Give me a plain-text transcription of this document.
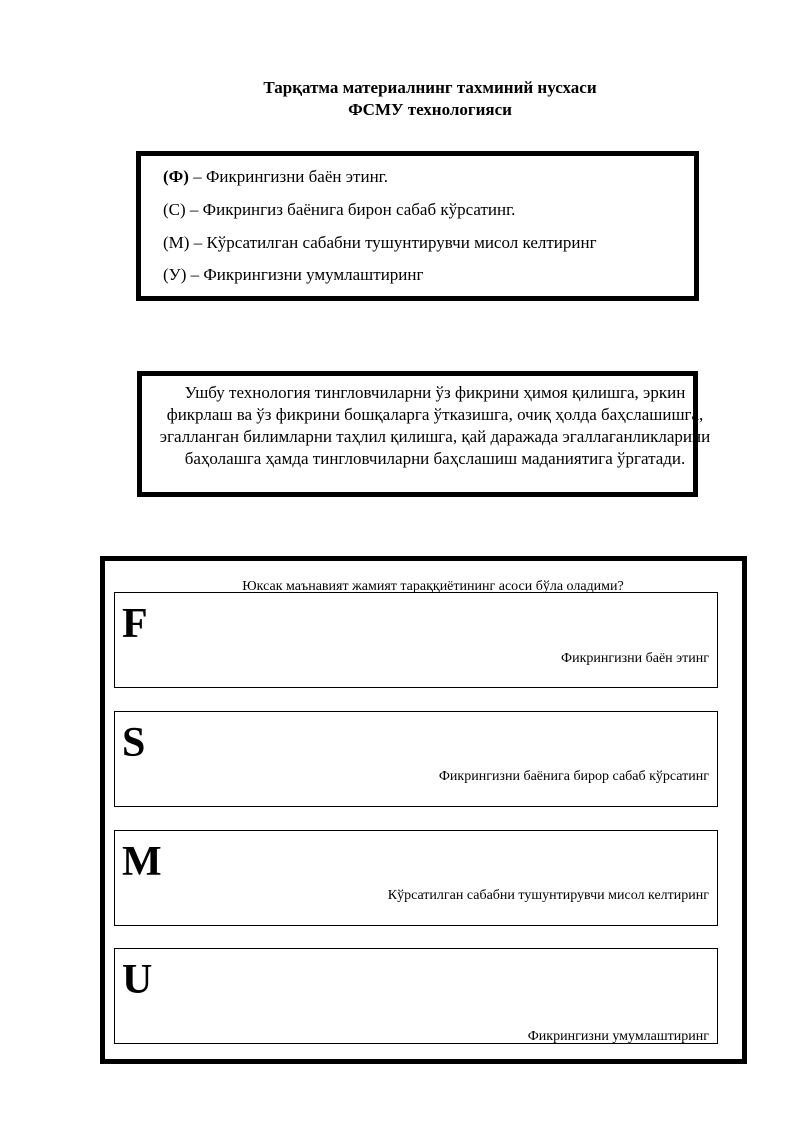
Тарқатма материалнинг тахминий нусхаси
ФСМУ технологияси
(Ф) – Фикрингизни баён этинг.
(С) – Фикрингиз баёнига бирон сабаб кўрсатинг.
(М) – Кўрсатилган сабабни тушунтирувчи мисол келтиринг
(У) – Фикрингизни умумлаштиринг
Ушбу технология тингловчиларни ўз фикрини ҳимоя қилишга, эркин фикрлаш ва ўз фикрини бошқаларга ўтказишга, очиқ ҳолда баҳслашишга, эгалланган билимларни таҳлил қилишга, қай даражада эгаллаганликларини баҳолашга ҳамда тингловчиларни баҳслашиш маданиятига ўргатади.
Юксак маънавият жамият тараққиётининг асоси бўла оладими?
F
Фикрингизни баён этинг
S
Фикрингизни баёнига бирор сабаб кўрсатинг
M
Кўрсатилган сабабни тушунтирувчи мисол келтиринг
U
Фикрингизни умумлаштиринг
